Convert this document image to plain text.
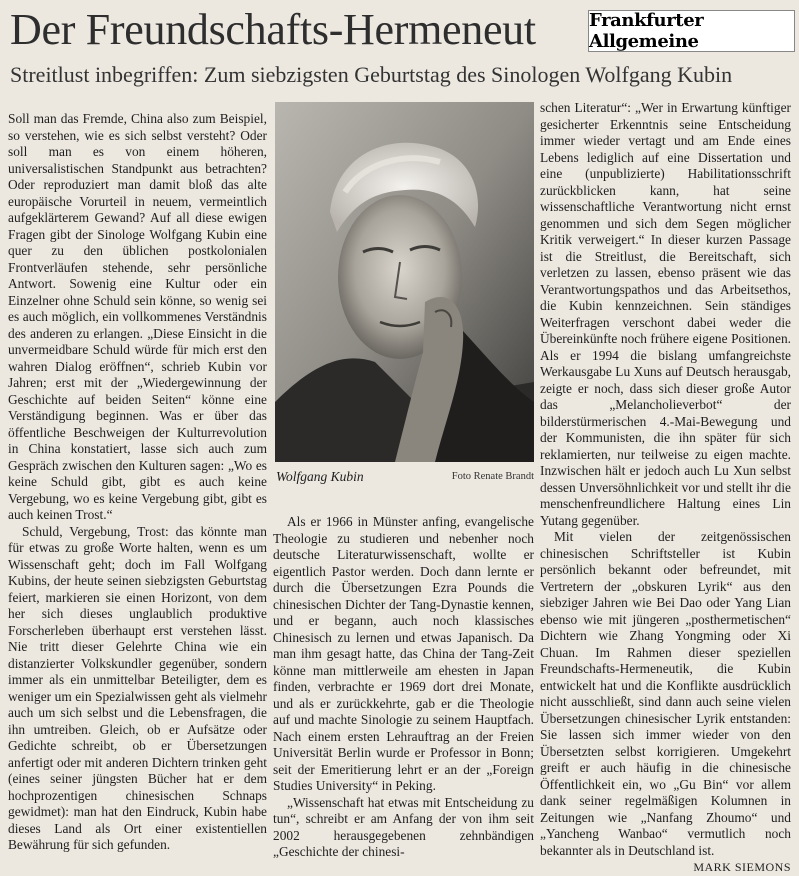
Der Freundschafts-Hermeneut	Frankfurter Allgemeine
Streitlust inbegriffen: Zum siebzigsten Geburtstag des Sinologen Wolfgang Kubin

Soll man das Fremde, China also zum Beispiel, so verstehen, wie es sich selbst versteht? Oder soll man es von einem höheren, universalistischen Standpunkt aus betrachten? Oder reproduziert man damit bloß das alte europäische Vorurteil in neuem, vermeintlich aufgeklärterem Gewand? Auf all diese ewigen Fragen gibt der Sinologe Wolfgang Kubin eine quer zu den üblichen postkolonialen Frontverläufen stehende, sehr persönliche Antwort. Sowenig eine Kultur oder ein Einzelner ohne Schuld sein könne, so wenig sei es auch möglich, ein vollkommenes Verständnis des anderen zu erlangen. „Diese Einsicht in die unvermeidbare Schuld würde für mich erst den wahren Dialog eröffnen“, schrieb Kubin vor Jahren; erst mit der „Wiedergewinnung der Geschichte auf beiden Seiten“ könne eine Verständigung beginnen. Was er über das öffentliche Beschweigen der Kulturrevolution in China konstatiert, lasse sich auch zum Gespräch zwischen den Kulturen sagen: „Wo es keine Schuld gibt, gibt es auch keine Vergebung, wo es keine Vergebung gibt, gibt es auch keinen Trost.“

Schuld, Vergebung, Trost: das könnte man für etwas zu große Worte halten, wenn es um Wissenschaft geht; doch im Fall Wolfgang Kubins, der heute seinen siebzigsten Geburtstag feiert, markieren sie einen Horizont, von dem her sich dieses unglaublich produktive Forscherleben überhaupt erst verstehen lässt. Nie tritt dieser Gelehrte China wie ein distanzierter Volkskundler gegenüber, sondern immer als ein unmittelbar Beteiligter, dem es weniger um ein Spezialwissen geht als vielmehr auch um sich selbst und die Lebensfragen, die ihn umtreiben. Gleich, ob er Aufsätze oder Gedichte schreibt, ob er Übersetzungen anfertigt oder mit anderen Dichtern trinken geht (eines seiner jüngsten Bücher hat er dem hochprozentigen chinesischen Schnaps gewidmet): man hat den Eindruck, Kubin habe dieses Land als Ort einer existentiellen Bewährung für sich gefunden.

Wolfgang Kubin	Foto Renate Brandt

Als er 1966 in Münster anfing, evangelische Theologie zu studieren und nebenher noch deutsche Literaturwissenschaft, wollte er eigentlich Pastor werden. Doch dann lernte er durch die Übersetzungen Ezra Pounds die chinesischen Dichter der Tang-Dynastie kennen, und er begann, auch noch klassisches Chinesisch zu lernen und etwas Japanisch. Da man ihm gesagt hatte, das China der Tang-Zeit könne man mittlerweile am ehesten in Japan finden, verbrachte er 1969 dort drei Monate, und als er zurückkehrte, gab er die Theologie auf und machte Sinologie zu seinem Hauptfach. Nach einem ersten Lehrauftrag an der Freien Universität Berlin wurde er Professor in Bonn; seit der Emeritierung lehrt er an der „Foreign Studies University“ in Peking.

„Wissenschaft hat etwas mit Entscheidung zu tun“, schreibt er am Anfang der von ihm seit 2002 herausgegebenen zehnbändigen „Geschichte der chinesi-

schen Literatur“: „Wer in Erwartung künftiger gesicherter Erkenntnis seine Entscheidung immer wieder vertagt und am Ende eines Lebens lediglich auf eine Dissertation und eine (unpublizierte) Habilitationsschrift zurückblicken kann, hat seine wissenschaftliche Verantwortung nicht ernst genommen und sich dem Segen möglicher Kritik verweigert.“ In dieser kurzen Passage ist die Streitlust, die Bereitschaft, sich verletzen zu lassen, ebenso präsent wie das Verantwortungspathos und das Arbeitsethos, die Kubin kennzeichnen. Sein ständiges Weiterfragen verschont dabei weder die Übereinkünfte noch frühere eigene Positionen. Als er 1994 die bislang umfangreichste Werkausgabe Lu Xuns auf Deutsch herausgab, zeigte er noch, dass sich dieser große Autor das „Melancholieverbot“ der bilderstürmerischen 4.-Mai-Bewegung und der Kommunisten, die ihn später für sich reklamierten, nur teilweise zu eigen machte. Inzwischen hält er jedoch auch Lu Xun selbst dessen Unversöhnlichkeit vor und stellt ihr die menschenfreundlichere Haltung eines Lin Yutang gegenüber.

Mit vielen der zeitgenössischen chinesischen Schriftsteller ist Kubin persönlich bekannt oder befreundet, mit Vertretern der „obskuren Lyrik“ aus den siebziger Jahren wie Bei Dao oder Yang Lian ebenso wie mit jüngeren „posthermetischen“ Dichtern wie Zhang Yongming oder Xi Chuan. Im Rahmen dieser speziellen Freundschafts-Hermeneutik, die Kubin entwickelt hat und die Konflikte ausdrücklich nicht ausschließt, sind dann auch seine vielen Übersetzungen chinesischer Lyrik entstanden: Sie lassen sich immer wieder von den Übersetzten selbst korrigieren. Umgekehrt greift er auch häufig in die chinesische Öffentlichkeit ein, wo „Gu Bin“ vor allem dank seiner regelmäßigen Kolumnen in Zeitungen wie „Nanfang Zhoumo“ und „Yancheng Wanbao“ vermutlich noch bekannter als in Deutschland ist.

MARK SIEMONS
